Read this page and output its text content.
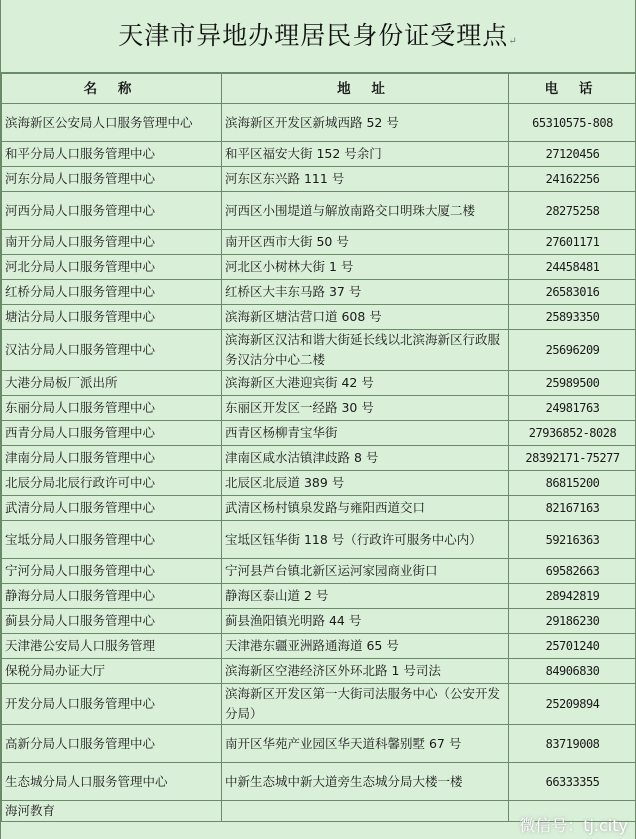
天津市异地办理居民身份证受理点↵
名 称	地 址	电 话
滨海新区公安局人口服务管理中心	滨海新区开发区新城西路 52 号	65310575-808
和平分局人口服务管理中心	和平区福安大街 152 号余门	27120456
河东分局人口服务管理中心	河东区东兴路 111 号	24162256
河西分局人口服务管理中心	河西区小围堤道与解放南路交口明珠大厦二楼	28275258
南开分局人口服务管理中心	南开区西市大街 50 号	27601171
河北分局人口服务管理中心	河北区小树林大街 1 号	24458481
红桥分局人口服务管理中心	红桥区大丰东马路 37 号	26583016
塘沽分局人口服务管理中心	滨海新区塘沽营口道 608 号	25893350
汉沽分局人口服务管理中心	滨海新区汉沽和谐大街延长线以北滨海新区行政服务汉沽分中心二楼	25696209
大港分局板厂派出所	滨海新区大港迎宾街 42 号	25989500
东丽分局人口服务管理中心	东丽区开发区一经路 30 号	24981763
西青分局人口服务管理中心	西青区杨柳青宝华街	27936852-8028
津南分局人口服务管理中心	津南区咸水沽镇津歧路 8 号	28392171-75277
北辰分局北辰行政许可中心	北辰区北辰道 389 号	86815200
武清分局人口服务管理中心	武清区杨村镇泉发路与雍阳西道交口	82167163
宝坻分局人口服务管理中心	宝坻区钰华街 118 号（行政许可服务中心内）	59216363
宁河分局人口服务管理中心	宁河县芦台镇北新区运河家园商业街口	69582663
静海分局人口服务管理中心	静海区泰山道 2 号	28942819
蓟县分局人口服务管理中心	蓟县渔阳镇光明路 44 号	29186230
天津港公安局人口服务管理	天津港东疆亚洲路通海道 65 号	25701240
保税分局办证大厅	滨海新区空港经济区外环北路 1 号司法	84906830
开发分局人口服务管理中心	滨海新区开发区第一大街司法服务中心（公安开发分局）	25209894
高新分局人口服务管理中心	南开区华苑产业园区华天道科馨别墅 67 号	83719008
生态城分局人口服务管理中心	中新生态城中新大道旁生态城分局大楼一楼	66333355
海河教育		
微信号：tj.city
